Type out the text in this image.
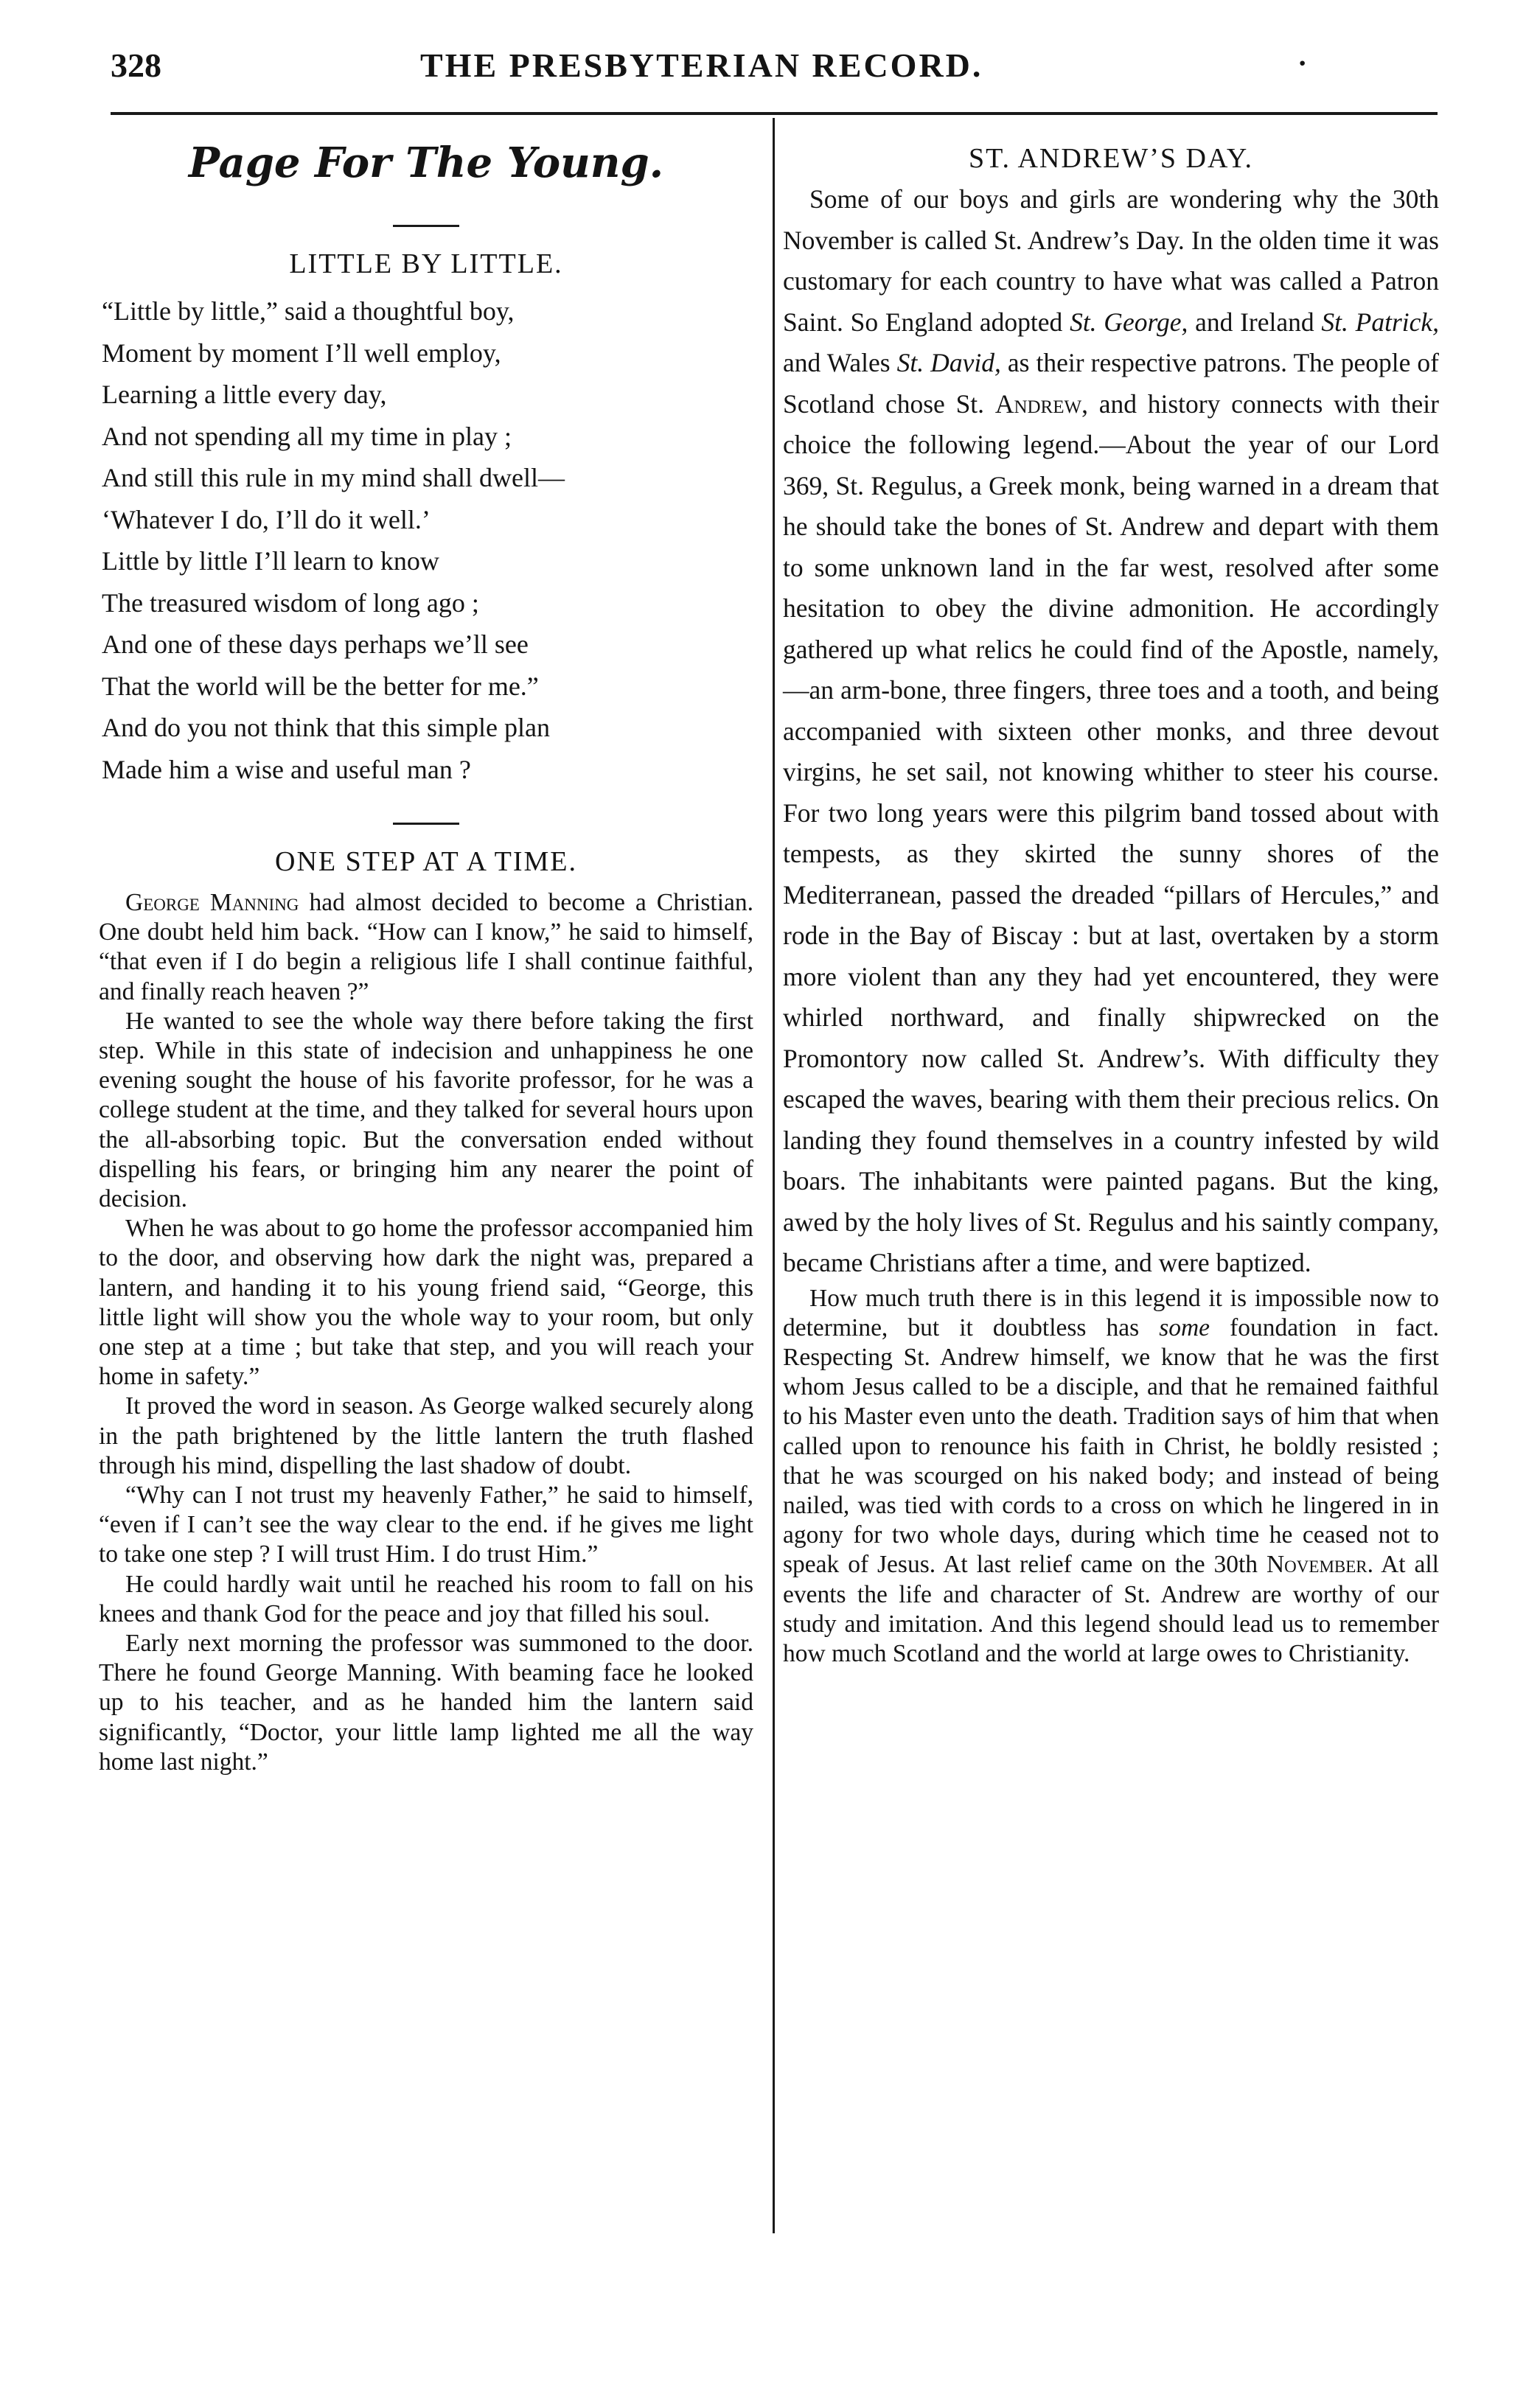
328	THE PRESBYTERIAN RECORD.	·
Page For The Young.
LITTLE BY LITTLE.
“Little by little,” said a thoughtful boy,
Moment by moment I’ll well employ,
Learning a little every day,
And not spending all my time in play ;
And still this rule in my mind shall dwell—
‘Whatever I do, I’ll do it well.’
Little by little I’ll learn to know
The treasured wisdom of long ago ;
And one of these days perhaps we’ll see
That the world will be the better for me.”
And do you not think that this simple plan
Made him a wise and useful man ?
ONE STEP AT A TIME.

George Manning had almost decided to become a Christian. One doubt held him back. “How can I know,” he said to himself, “that even if I do begin a religious life I shall continue faithful, and finally reach heaven ?”

He wanted to see the whole way there before taking the first step. While in this state of indecision and unhappiness he one evening sought the house of his favorite professor, for he was a college student at the time, and they talked for several hours upon the all-absorbing topic. But the conversation ended without dispelling his fears, or bringing him any nearer the point of decision.

When he was about to go home the professor accompanied him to the door, and observing how dark the night was, prepared a lantern, and handing it to his young friend said, “George, this little light will show you the whole way to your room, but only one step at a time ; but take that step, and you will reach your home in safety.”

It proved the word in season. As George walked securely along in the path brightened by the little lantern the truth flashed through his mind, dispelling the last shadow of doubt.

“Why can I not trust my heavenly Father,” he said to himself, “even if I can’t see the way clear to the end. if he gives me light to take one step ? I will trust Him. I do trust Him.”

He could hardly wait until he reached his room to fall on his knees and thank God for the peace and joy that filled his soul.

Early next morning the professor was summoned to the door. There he found George Manning. With beaming face he looked up to his teacher, and as he handed him the lantern said significantly, “Doctor, your little lamp lighted me all the way home last night.”

ST. ANDREW’S DAY.

Some of our boys and girls are wondering why the 30th November is called St. Andrew’s Day. In the olden time it was customary for each country to have what was called a Patron Saint. So England adopted St. George, and Ireland St. Patrick, and Wales St. David, as their respective patrons. The people of Scotland chose St. Andrew, and history connects with their choice the following legend.—About the year of our Lord 369, St. Regulus, a Greek monk, being warned in a dream that he should take the bones of St. Andrew and depart with them to some unknown land in the far west, resolved after some hesitation to obey the divine admonition. He accordingly gathered up what relics he could find of the Apostle, namely,—an arm-bone, three fingers, three toes and a tooth, and being accompanied with sixteen other monks, and three devout virgins, he set sail, not knowing whither to steer his course. For two long years were this pilgrim band tossed about with tempests, as they skirted the sunny shores of the Mediterranean, passed the dreaded “pillars of Hercules,” and rode in the Bay of Biscay : but at last, overtaken by a storm more violent than any they had yet encountered, they were whirled northward, and finally shipwrecked on the Promontory now called St. Andrew’s. With difficulty they escaped the waves, bearing with them their precious relics. On landing they found themselves in a country infested by wild boars. The inhabitants were painted pagans. But the king, awed by the holy lives of St. Regulus and his saintly company, became Christians after a time, and were baptized.

How much truth there is in this legend it is impossible now to determine, but it doubtless has some foundation in fact. Respecting St. Andrew himself, we know that he was the first whom Jesus called to be a disciple, and that he remained faithful to his Master even unto the death. Tradition says of him that when called upon to renounce his faith in Christ, he boldly resisted ; that he was scourged on his naked body; and instead of being nailed, was tied with cords to a cross on which he lingered in in agony for two whole days, during which time he ceased not to speak of Jesus. At last relief came on the 30th November. At all events the life and character of St. Andrew are worthy of our study and imitation. And this legend should lead us to remember how much Scotland and the world at large owes to Christianity.
